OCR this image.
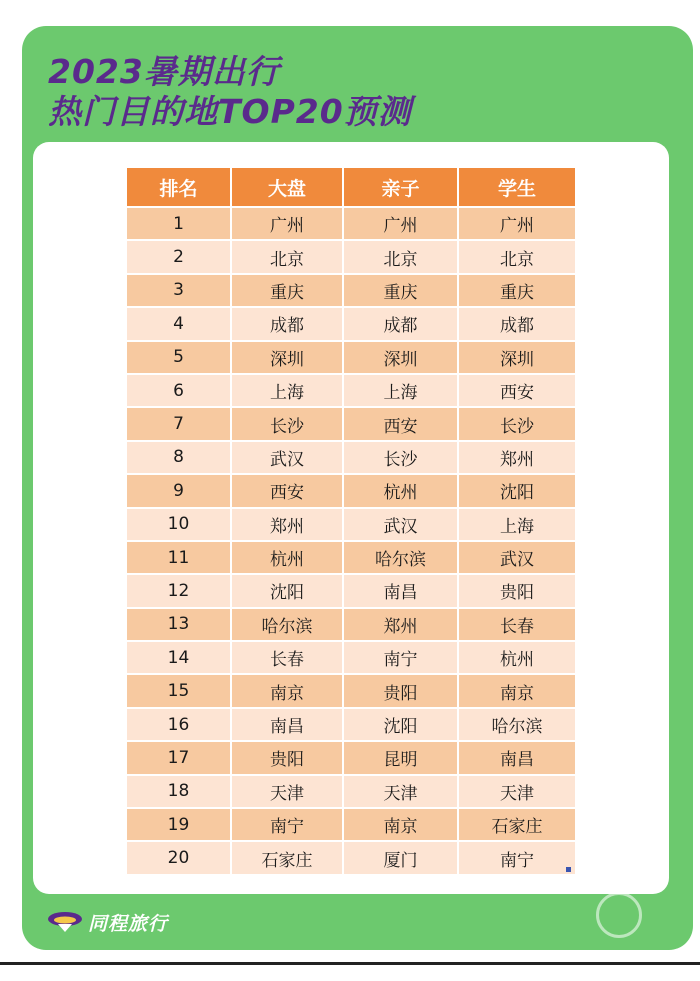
2023暑期出行
热门目的地TOP20预测
排名	大盘	亲子	学生
1	广州	广州	广州
2	北京	北京	北京
3	重庆	重庆	重庆
4	成都	成都	成都
5	深圳	深圳	深圳
6	上海	上海	西安
7	长沙	西安	长沙
8	武汉	长沙	郑州
9	西安	杭州	沈阳
10	郑州	武汉	上海
11	杭州	哈尔滨	武汉
12	沈阳	南昌	贵阳
13	哈尔滨	郑州	长春
14	长春	南宁	杭州
15	南京	贵阳	南京
16	南昌	沈阳	哈尔滨
17	贵阳	昆明	南昌
18	天津	天津	天津
19	南宁	南京	石家庄
20	石家庄	厦门	南宁
同程旅行
